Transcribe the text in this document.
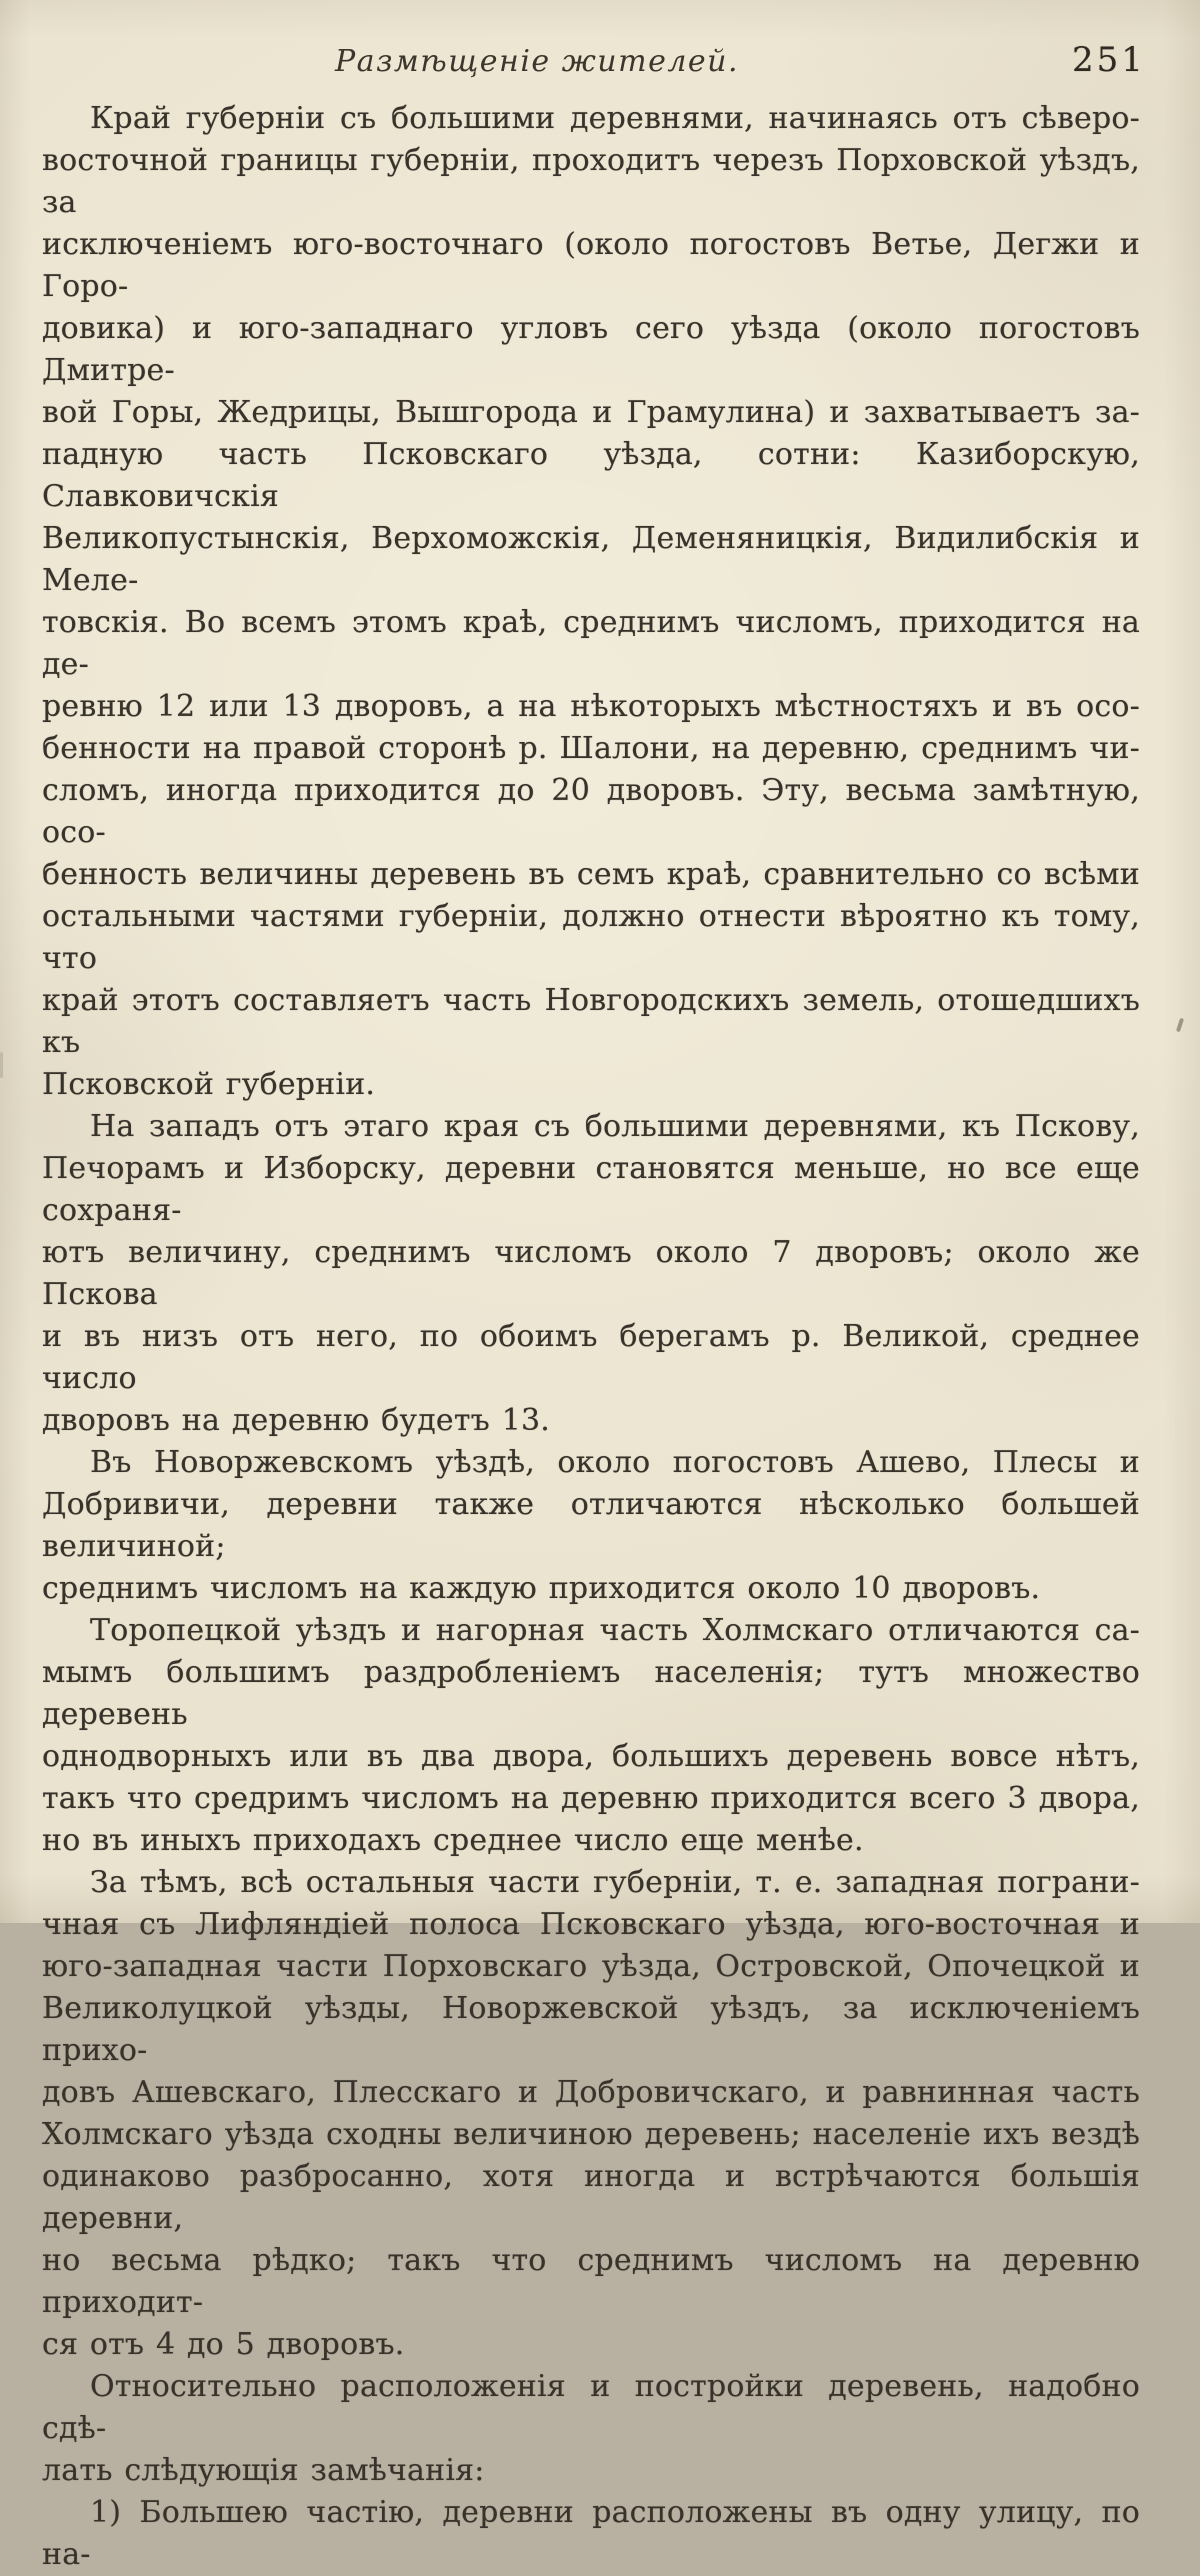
Размѣщеніе жителей.	251

Край губерніи съ большими деревнями, начинаясь отъ сѣверо-
восточной границы губерніи, проходитъ черезъ Порховской уѣздъ, за
исключеніемъ юго-восточнаго (около погостовъ Ветье, Дегжи и Горо-
довика) и юго-западнаго угловъ сего уѣзда (около погостовъ Дмитре-
вой Горы, Жедрицы, Вышгорода и Грамулина) и захватываетъ за-
падную часть Псковскаго уѣзда, сотни: Казиборскую, Славковичскія
Великопустынскія, Верхоможскія, Деменяницкія, Видилибскія и Меле-
товскія. Во всемъ этомъ краѣ, среднимъ числомъ, приходится на де-
ревню 12 или 13 дворовъ, а на нѣкоторыхъ мѣстностяхъ и въ осо-
бенности на правой сторонѣ р. Шалони, на деревню, среднимъ чи-
сломъ, иногда приходится до 20 дворовъ. Эту, весьма замѣтную, осо-
бенность величины деревень въ семъ краѣ, сравнительно со всѣми
остальными частями губерніи, должно отнести вѣроятно къ тому, что
край этотъ составляетъ часть Новгородскихъ земель, отошедшихъ къ
Псковской губерніи.

На западъ отъ этаго края съ большими деревнями, къ Пскову,
Печорамъ и Изборску, деревни становятся меньше, но все еще сохраня-
ютъ величину, среднимъ числомъ около 7 дворовъ; около же Пскова
и въ низъ отъ него, по обоимъ берегамъ р. Великой, среднее число
дворовъ на деревню будетъ 13.

Въ Новоржевскомъ уѣздѣ, около погостовъ Ашево, Плесы и
Добривичи, деревни также отличаются нѣсколько большей величиной;
среднимъ числомъ на каждую приходится около 10 дворовъ.

Торопецкой уѣздъ и нагорная часть Холмскаго отличаются са-
мымъ большимъ раздробленіемъ населенія; тутъ множество деревень
однодворныхъ или въ два двора, большихъ деревень вовсе нѣтъ,
такъ что средримъ числомъ на деревню приходится всего 3 двора,
но въ иныхъ приходахъ среднее число еще менѣе.

За тѣмъ, всѣ остальныя части губерніи, т. е. западная пограни-
чная съ Лифляндіей полоса Псковскаго уѣзда, юго-восточная и
юго-западная части Порховскаго уѣзда, Островской, Опочецкой и
Великолуцкой уѣзды, Новоржевской уѣздъ, за исключеніемъ прихо-
довъ Ашевскаго, Плесскаго и Добровичскаго, и равнинная часть
Холмскаго уѣзда сходны величиною деревень; населеніе ихъ вездѣ
одинаково разбросанно, хотя иногда и встрѣчаются большія деревни,
но весьма рѣдко; такъ что среднимъ числомъ на деревню приходит-
ся отъ 4 до 5 дворовъ.

Относительно расположенія и постройки деревень, надобно сдѣ-
лать слѣдующія замѣчанія:

1) Большею частію, деревни расположены въ одну улицу, по на-
